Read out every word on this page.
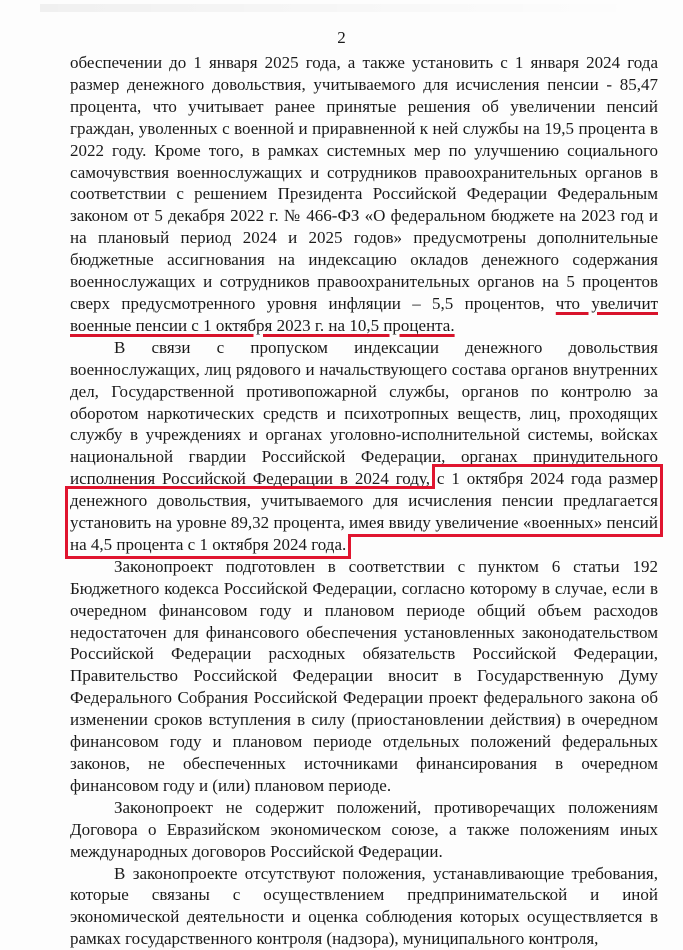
2

обеспечении до 1 января 2025 года, а также установить с 1 января 2024 года размер денежного довольствия, учитываемого для исчисления пенсии - 85,47 процента, что учитывает ранее принятые решения об увеличении пенсий граждан, уволенных с военной и приравненной к ней службы на 19,5 процента в 2022 году. Кроме того, в рамках системных мер по улучшению социального самочувствия военнослужащих и сотрудников правоохранительных органов в соответствии с решением Президента Российской Федерации Федеральным законом от 5 декабря 2022 г. № 466-ФЗ «О федеральном бюджете на 2023 год и на плановый период 2024 и 2025 годов» предусмотрены дополнительные бюджетные ассигнования на индексацию окладов денежного содержания военнослужащих и сотрудников правоохранительных органов на 5 процентов сверх предусмотренного уровня инфляции – 5,5 процентов, что увеличит военные пенсии с 1 октября 2023 г. на 10,5 процента.

В связи с пропуском индексации денежного довольствия военнослужащих, лиц рядового и начальствующего состава органов внутренних дел, Государственной противопожарной службы, органов по контролю за оборотом наркотических средств и психотропных веществ, лиц, проходящих службу в учреждениях и органах уголовно-исполнительной системы, войсках национальной гвардии Российской Федерации, органах принудительного исполнения Российской Федерации в 2024 году, с 1 октября 2024 года размер денежного довольствия, учитываемого для исчисления пенсии предлагается установить на уровне 89,32 процента, имея ввиду увеличение «военных» пенсий на 4,5 процента с 1 октября 2024 года.

Законопроект подготовлен в соответствии с пунктом 6 статьи 192 Бюджетного кодекса Российской Федерации, согласно которому в случае, если в очередном финансовом году и плановом периоде общий объем расходов недостаточен для финансового обеспечения установленных законодательством Российской Федерации расходных обязательств Российской Федерации, Правительство Российской Федерации вносит в Государственную Думу Федерального Собрания Российской Федерации проект федерального закона об изменении сроков вступления в силу (приостановлении действия) в очередном финансовом году и плановом периоде отдельных положений федеральных законов, не обеспеченных источниками финансирования в очередном финансовом году и (или) плановом периоде.

Законопроект не содержит положений, противоречащих положениям Договора о Евразийском экономическом союзе, а также положениям иных международных договоров Российской Федерации.

В законопроекте отсутствуют положения, устанавливающие требования, которые связаны с осуществлением предпринимательской и иной экономической деятельности и оценка соблюдения которых осуществляется в рамках государственного контроля (надзора), муниципального контроля,
